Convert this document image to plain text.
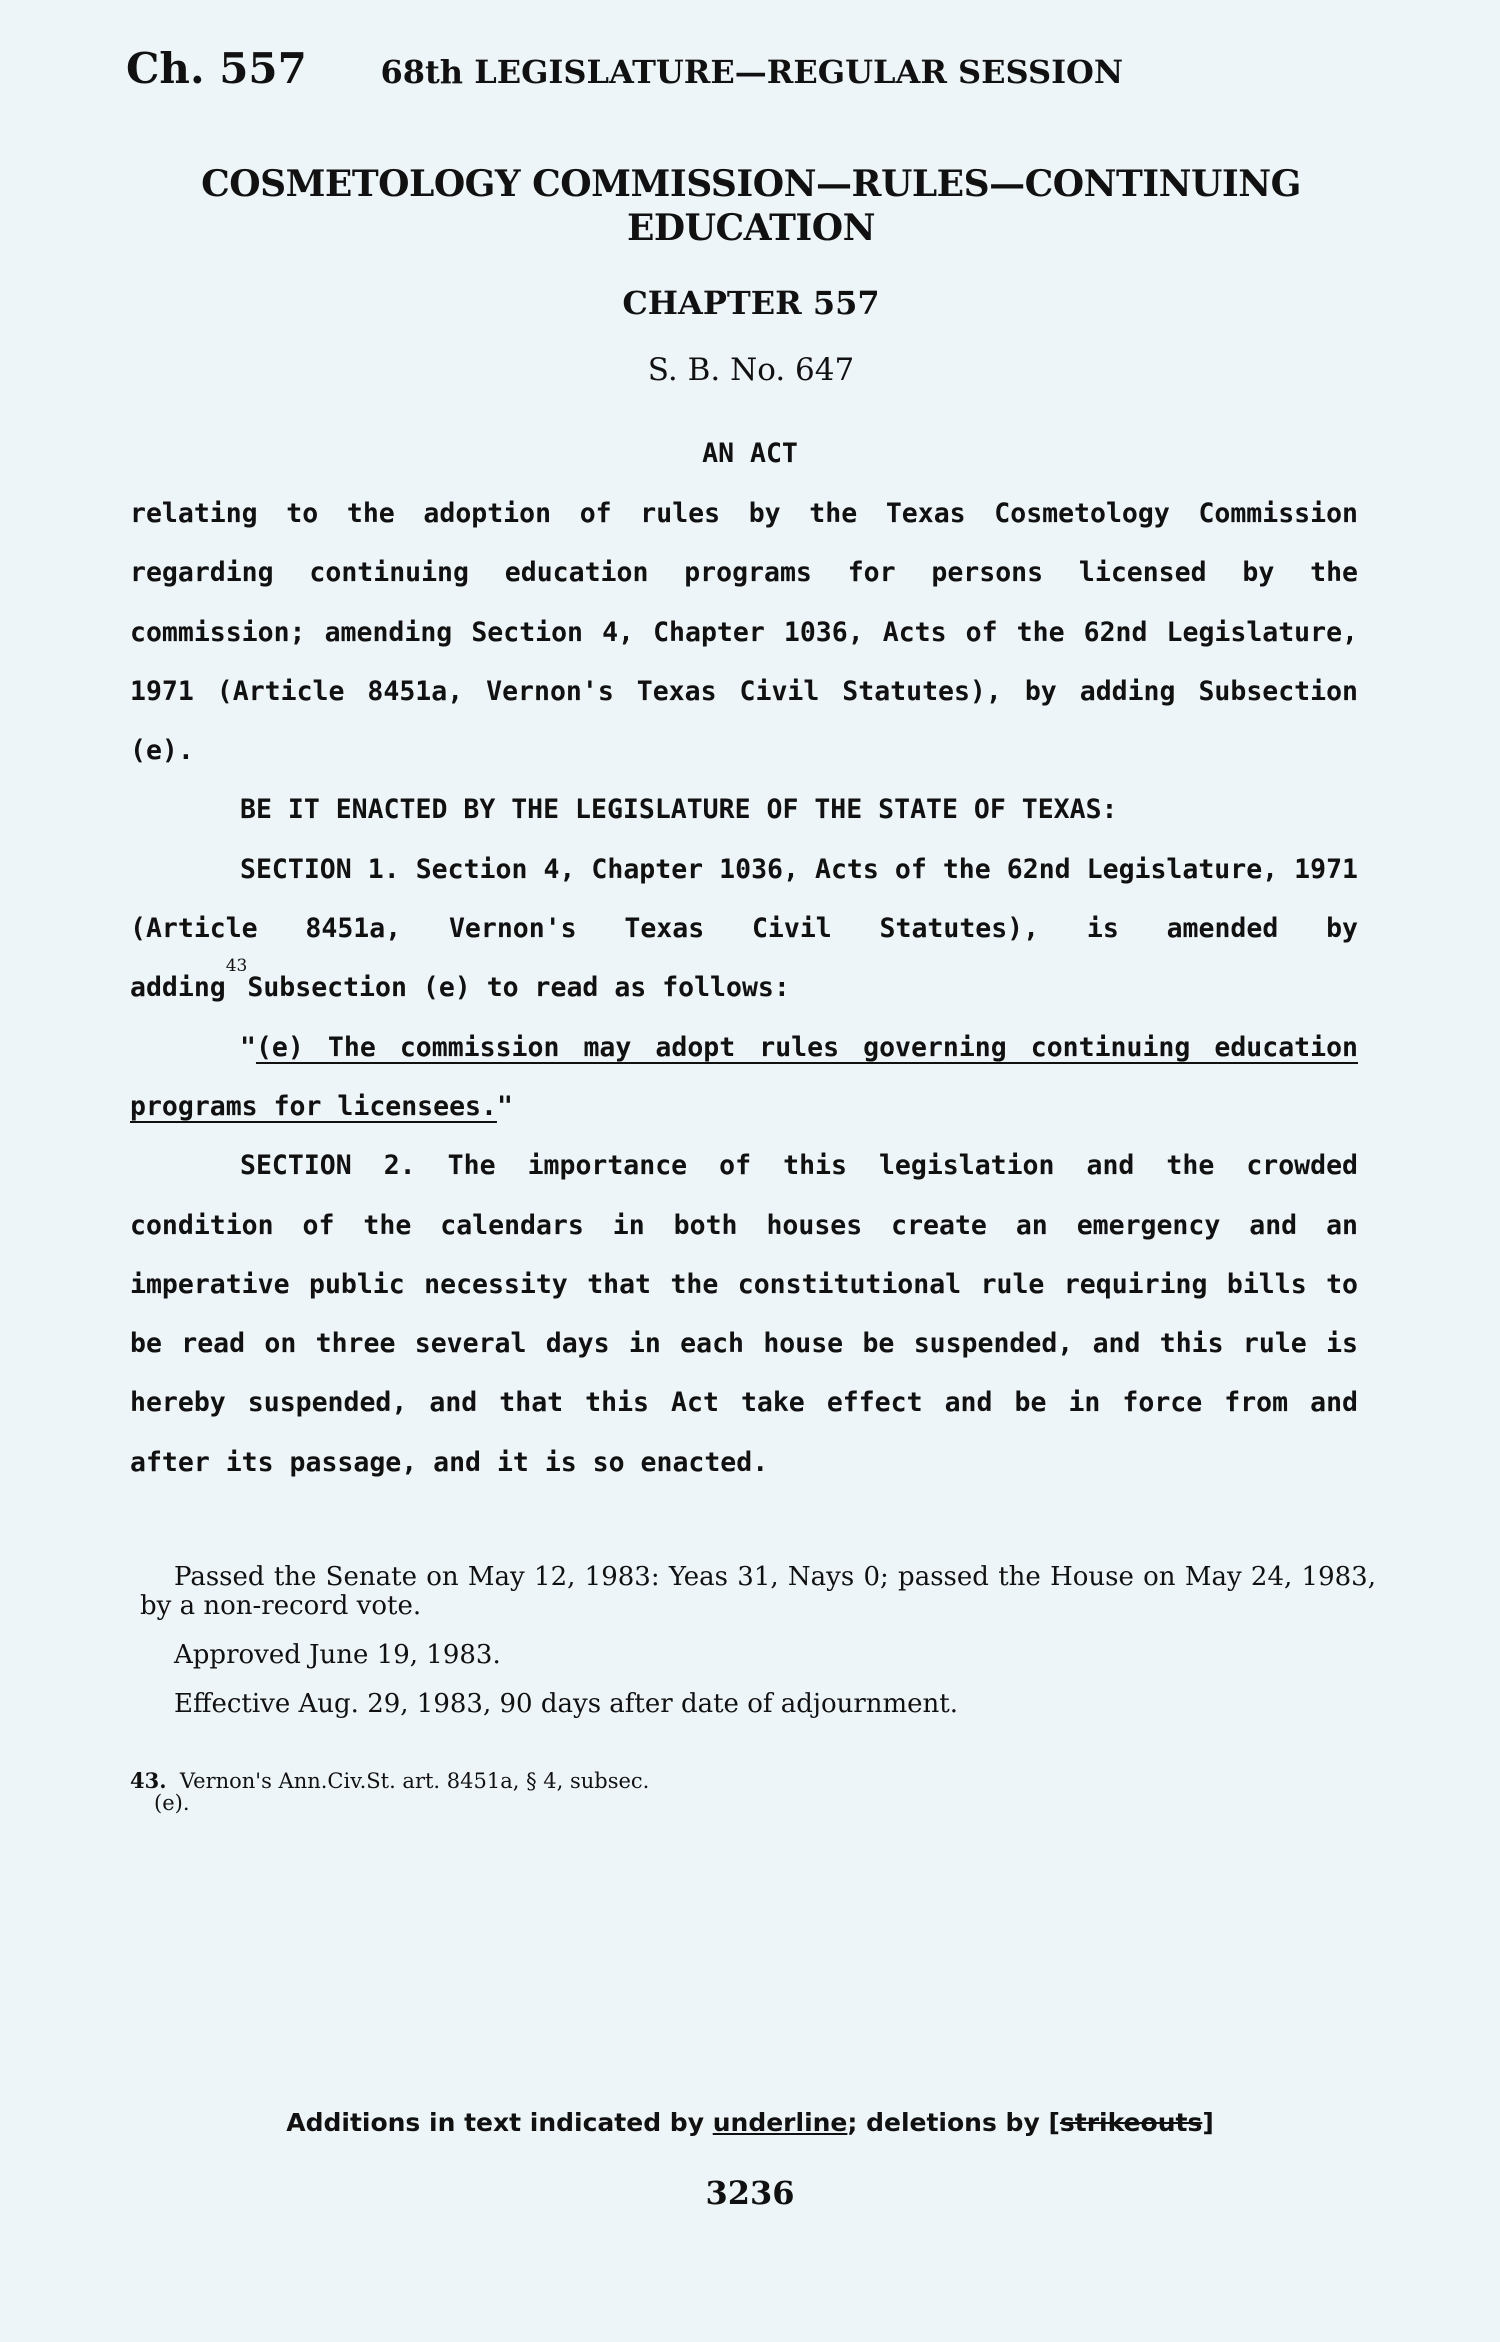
Ch. 557 68th LEGISLATURE—REGULAR SESSION
COSMETOLOGY COMMISSION—RULES—CONTINUING
EDUCATION
CHAPTER 557
S. B. No. 647
AN ACT

relating to the adoption of rules by the Texas Cosmetology Commission regarding continuing education programs for persons licensed by the commission; amending Section 4, Chapter 1036, Acts of the 62nd Legislature, 1971 (Article 8451a, Vernon's Texas Civil Statutes), by adding Subsection (e).

BE IT ENACTED BY THE LEGISLATURE OF THE STATE OF TEXAS:

SECTION 1. Section 4, Chapter 1036, Acts of the 62nd Legislature, 1971 (Article 8451a, Vernon's Texas Civil Statutes), is amended by adding$^{43}$Subsection (e) to read as follows:

"(e) The commission may adopt rules governing continuing education programs for licensees."

SECTION 2. The importance of this legislation and the crowded condition of the calendars in both houses create an emergency and an imperative public necessity that the constitutional rule requiring bills to be read on three several days in each house be suspended, and this rule is hereby suspended, and that this Act take effect and be in force from and after its passage, and it is so enacted.

Passed the Senate on May 12, 1983: Yeas 31, Nays 0; passed the House on May 24, 1983, by a non-record vote.

Approved June 19, 1983.

Effective Aug. 29, 1983, 90 days after date of adjournment.

43. Vernon's Ann.Civ.St. art. 8451a, § 4, subsec.
(e).
Additions in text indicated by underline; deletions by [strikeouts]
3236
